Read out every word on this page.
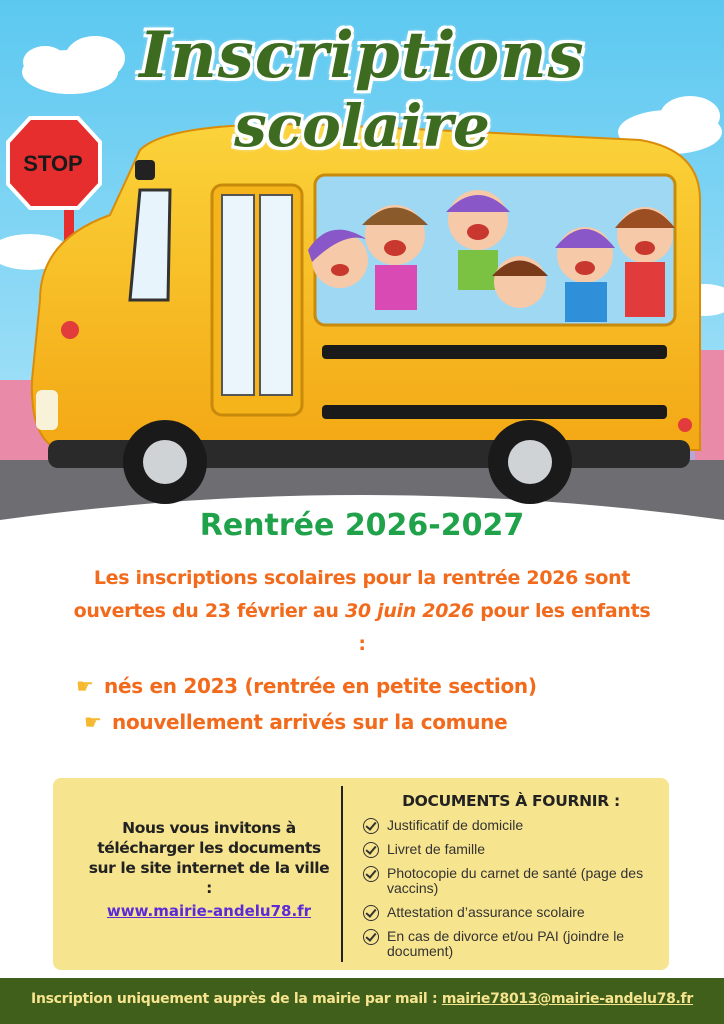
STOP
Inscriptions
scolaire
Rentrée 2026-2027
Les inscriptions scolaires pour la rentrée 2026 sont ouvertes du 23 février au 30 juin 2026 pour les enfants :
☛ nés en 2023 (rentrée en petite section)
☛ nouvellement arrivés sur la comune
Nous vous invitons à télécharger les documents sur le site internet de la ville :
www.mairie-andelu78.fr
DOCUMENTS À FOURNIR :
Justificatif de domicile
Livret de famille
Photocopie du carnet de santé (page des vaccins)
Attestation d’assurance scolaire
En cas de divorce et/ou PAI (joindre le document)
Inscription uniquement auprès de la mairie par mail : mairie78013@mairie-andelu78.fr
